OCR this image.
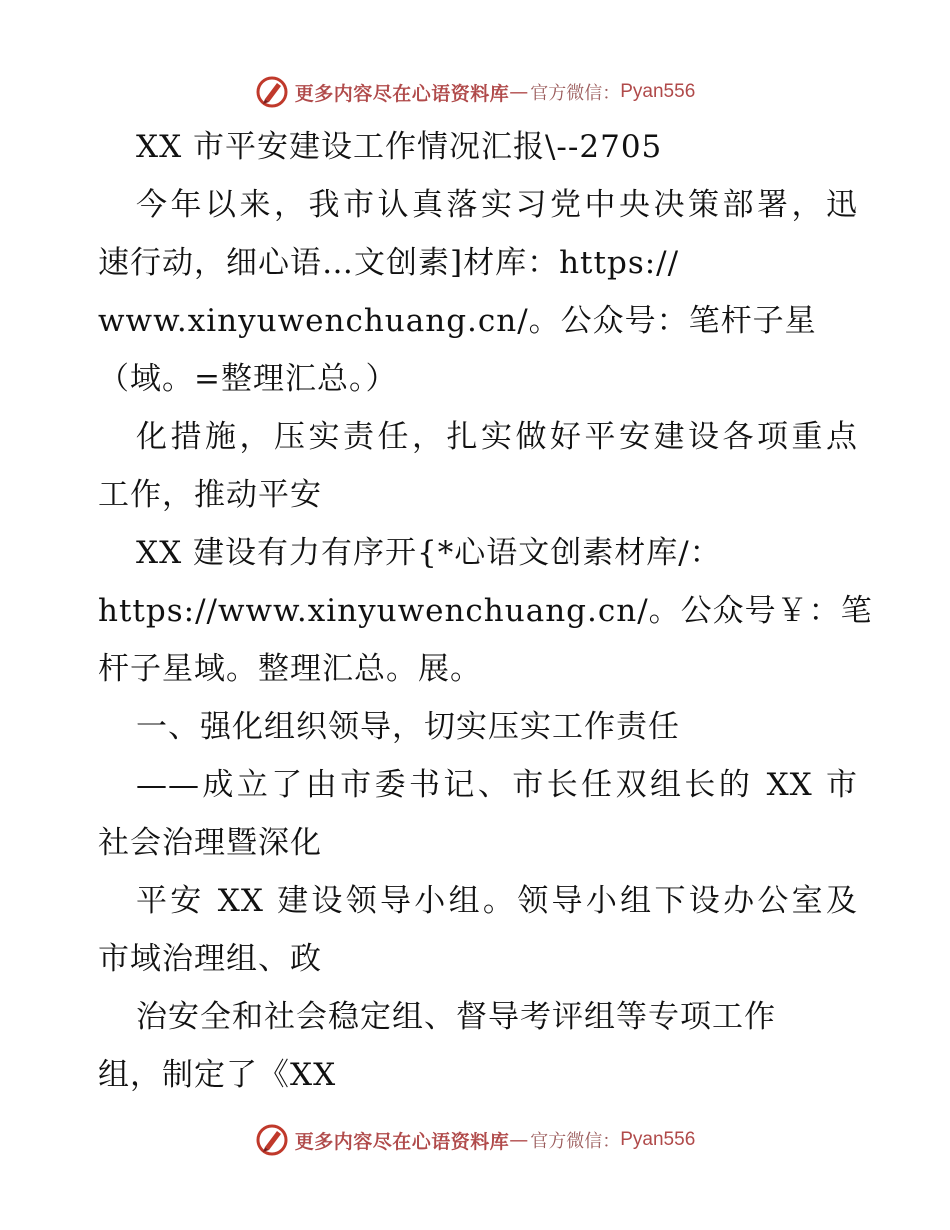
更多内容尽在心语资料库 — 官方微信： Pyan556
XX 市平安建设工作情况汇报\--2705
今年以来，我市认真落实习党中央决策部署，迅
速行动，细心语…文创素]材库：https://
www.xinyuwenchuang.cn/。公众号：笔杆子星
（域。=整理汇总。）
化措施，压实责任，扎实做好平安建设各项重点
工作，推动平安
XX 建设有力有序开{*心语文创素材库/：
https://www.xinyuwenchuang.cn/。公众号￥：笔
杆子星域。整理汇总。展。
一、强化组织领导，切实压实工作责任
——成立了由市委书记、市长任双组长的 XX 市
社会治理暨深化
平安 XX 建设领导小组。领导小组下设办公室及
市域治理组、政
治安全和社会稳定组、督导考评组等专项工作
组，制定了《XX
更多内容尽在心语资料库 — 官方微信： Pyan556
